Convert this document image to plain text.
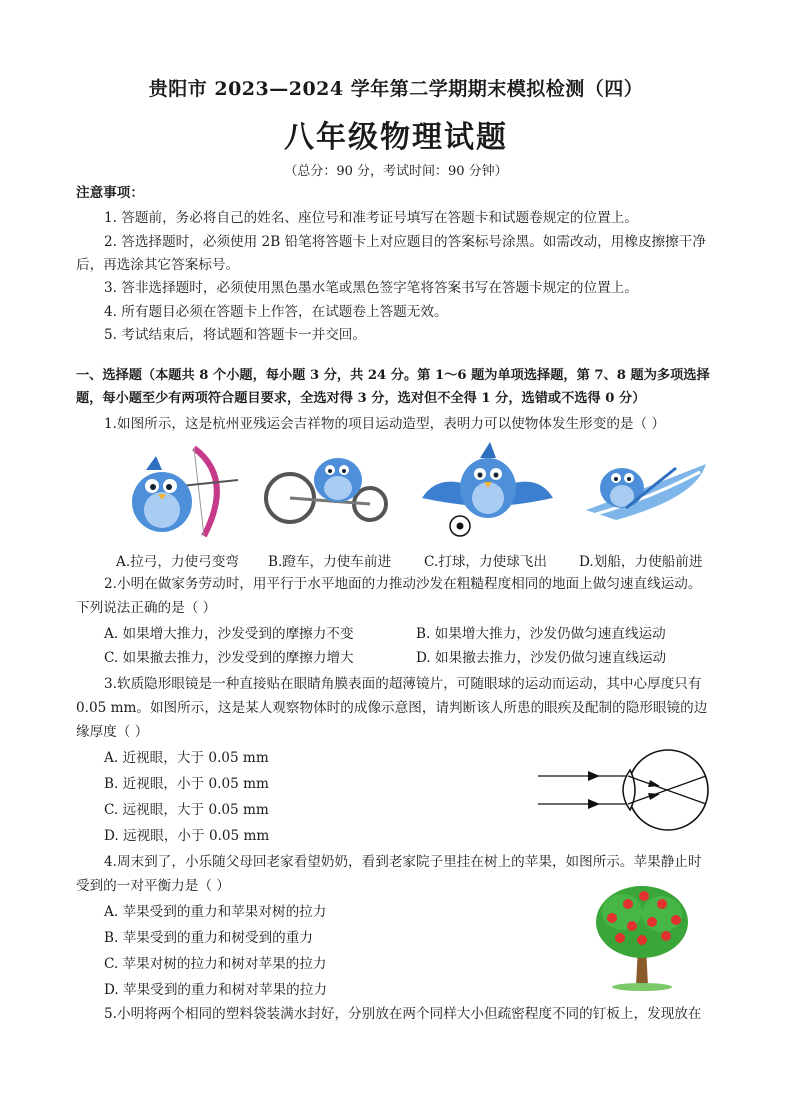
贵阳市 2023—2024 学年第二学期期末模拟检测（四）
八年级物理试题
（总分：90 分，考试时间：90 分钟）
注意事项：
1. 答题前，务必将自己的姓名、座位号和准考证号填写在答题卡和试题卷规定的位置上。
2. 答选择题时，必须使用 2B 铅笔将答题卡上对应题目的答案标号涂黑。如需改动，用橡皮擦擦干净
后，再选涂其它答案标号。
3. 答非选择题时，必须使用黑色墨水笔或黑色签字笔将答案书写在答题卡规定的位置上。
4. 所有题目必须在答题卡上作答，在试题卷上答题无效。
5. 考试结束后，将试题和答题卡一并交回。
一、选择题（本题共 8 个小题，每小题 3 分，共 24 分。第 1～6 题为单项选择题，第 7、8 题为多项选择
题，每小题至少有两项符合题目要求，全选对得 3 分，选对但不全得 1 分，选错或不选得 0 分）
1.如图所示，这是杭州亚残运会吉祥物的项目运动造型，表明力可以使物体发生形变的是（ ）
A.拉弓，力使弓变弯 B.蹬车，力使车前进 C.打球，力使球飞出 D.划船，力使船前进
2.小明在做家务劳动时，用平行于水平地面的力推动沙发在粗糙程度相同的地面上做匀速直线运动。
下列说法正确的是（ ）
A. 如果增大推力，沙发受到的摩擦力不变	B. 如果增大推力，沙发仍做匀速直线运动
C. 如果撤去推力，沙发受到的摩擦力增大	D. 如果撤去推力，沙发仍做匀速直线运动
3.软质隐形眼镜是一种直接贴在眼睛角膜表面的超薄镜片，可随眼球的运动而运动，其中心厚度只有
0.05 mm。如图所示，这是某人观察物体时的成像示意图，请判断该人所患的眼疾及配制的隐形眼镜的边
缘厚度（ ）
A. 近视眼，大于 0.05 mm
B. 近视眼，小于 0.05 mm
C. 远视眼，大于 0.05 mm
D. 远视眼，小于 0.05 mm
4.周末到了，小乐随父母回老家看望奶奶，看到老家院子里挂在树上的苹果，如图所示。苹果静止时
受到的一对平衡力是（ ）
A. 苹果受到的重力和苹果对树的拉力
B. 苹果受到的重力和树受到的重力
C. 苹果对树的拉力和树对苹果的拉力
D. 苹果受到的重力和树对苹果的拉力
5.小明将两个相同的塑料袋装满水封好，分别放在两个同样大小但疏密程度不同的钉板上，发现放在
